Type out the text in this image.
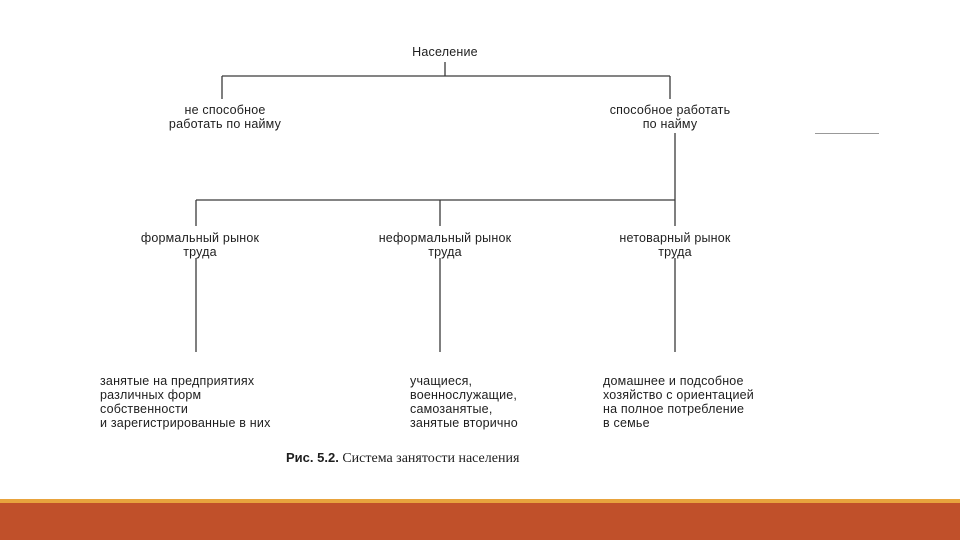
Население
не способное
работать по найму
способное работать
по найму
формальный рынок
труда
неформальный рынок
труда
нетоварный рынок
труда
занятые на предприятиях
различных форм
собственности
и зарегистрированные в них
учащиеся,
военнослужащие,
самозанятые,
занятые вторично
домашнее и подсобное
хозяйство с ориентацией
на полное потребление
в семье
Рис. 5.2. Система занятости населения
